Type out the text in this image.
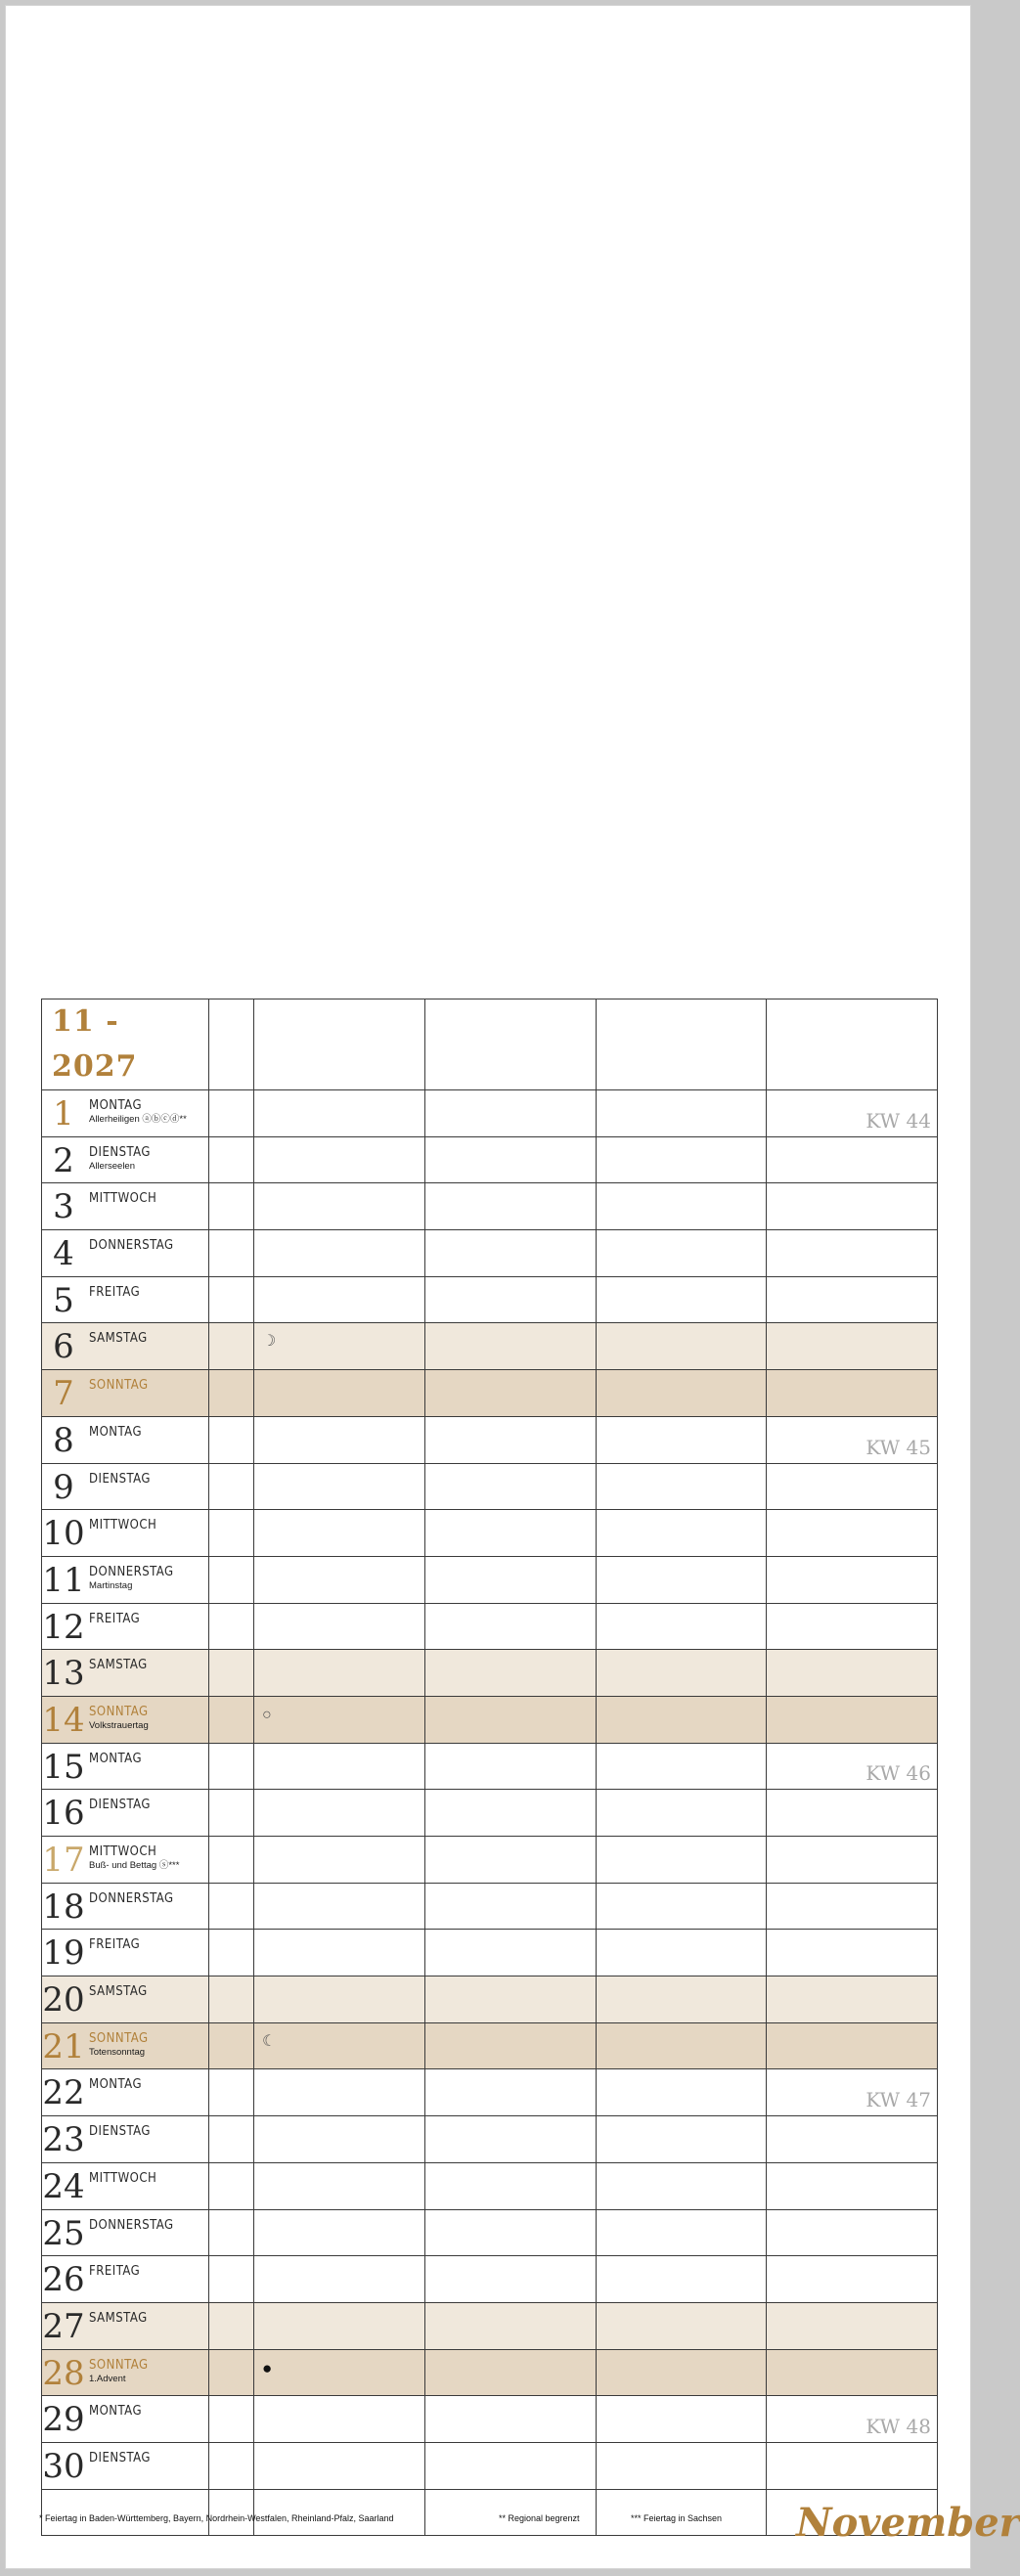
11 - 2027					

1 MONTAG
Allerheiligen ⓐⓑⓒⓓ**					KW 44

2 DIENSTAG
Allerseelen					

3 MITTWOCH					

4 DONNERSTAG					

5 FREITAG					

6 SAMSTAG		☽			

7 SONNTAG					

8 MONTAG					KW 45

9 DIENSTAG					

10 MITTWOCH					

11 DONNERSTAG
Martinstag					

12 FREITAG					

13 SAMSTAG					

14 SONNTAG
Volkstrauertag		○			

15 MONTAG					KW 46

16 DIENSTAG					

17 MITTWOCH
Buß- und Bettag ⓢ***					

18 DONNERSTAG					

19 FREITAG					

20 SAMSTAG					

21 SONNTAG
Totensonntag		☾			

22 MONTAG					KW 47

23 DIENSTAG					

24 MITTWOCH					

25 DONNERSTAG					

26 FREITAG					

27 SAMSTAG					

28 SONNTAG
1.Advent		●			

29 MONTAG					KW 48

30 DIENSTAG					

* Feiertag in Baden-Württemberg, Bayern, Nordrhein-Westfalen, Rheinland-Pfalz, Saarland	** Regional begrenzt	*** Feiertag in Sachsen November
